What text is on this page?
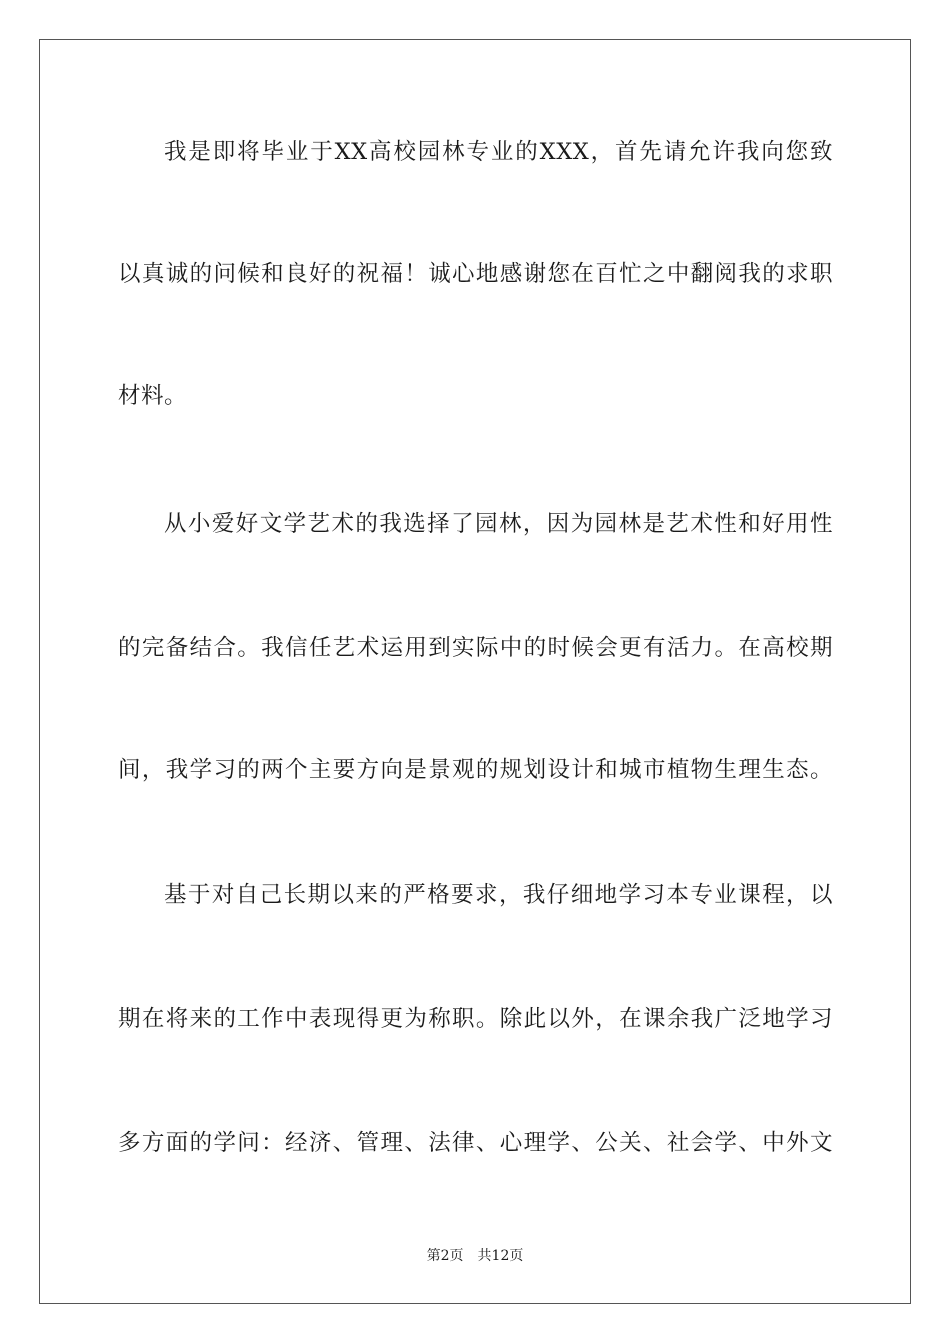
我是即将毕业于XX高校园林专业的XXX，首先请允许我向您致
以真诚的问候和良好的祝福！诚心地感谢您在百忙之中翻阅我的求职
材料。
从小爱好文学艺术的我选择了园林，因为园林是艺术性和好用性
的完备结合。我信任艺术运用到实际中的时候会更有活力。在高校期
间，我学习的两个主要方向是景观的规划设计和城市植物生理生态。
基于对自己长期以来的严格要求，我仔细地学习本专业课程，以
期在将来的工作中表现得更为称职。除此以外，在课余我广泛地学习
多方面的学问：经济、管理、法律、心理学、公关、社会学、中外文
第2页 共12页
